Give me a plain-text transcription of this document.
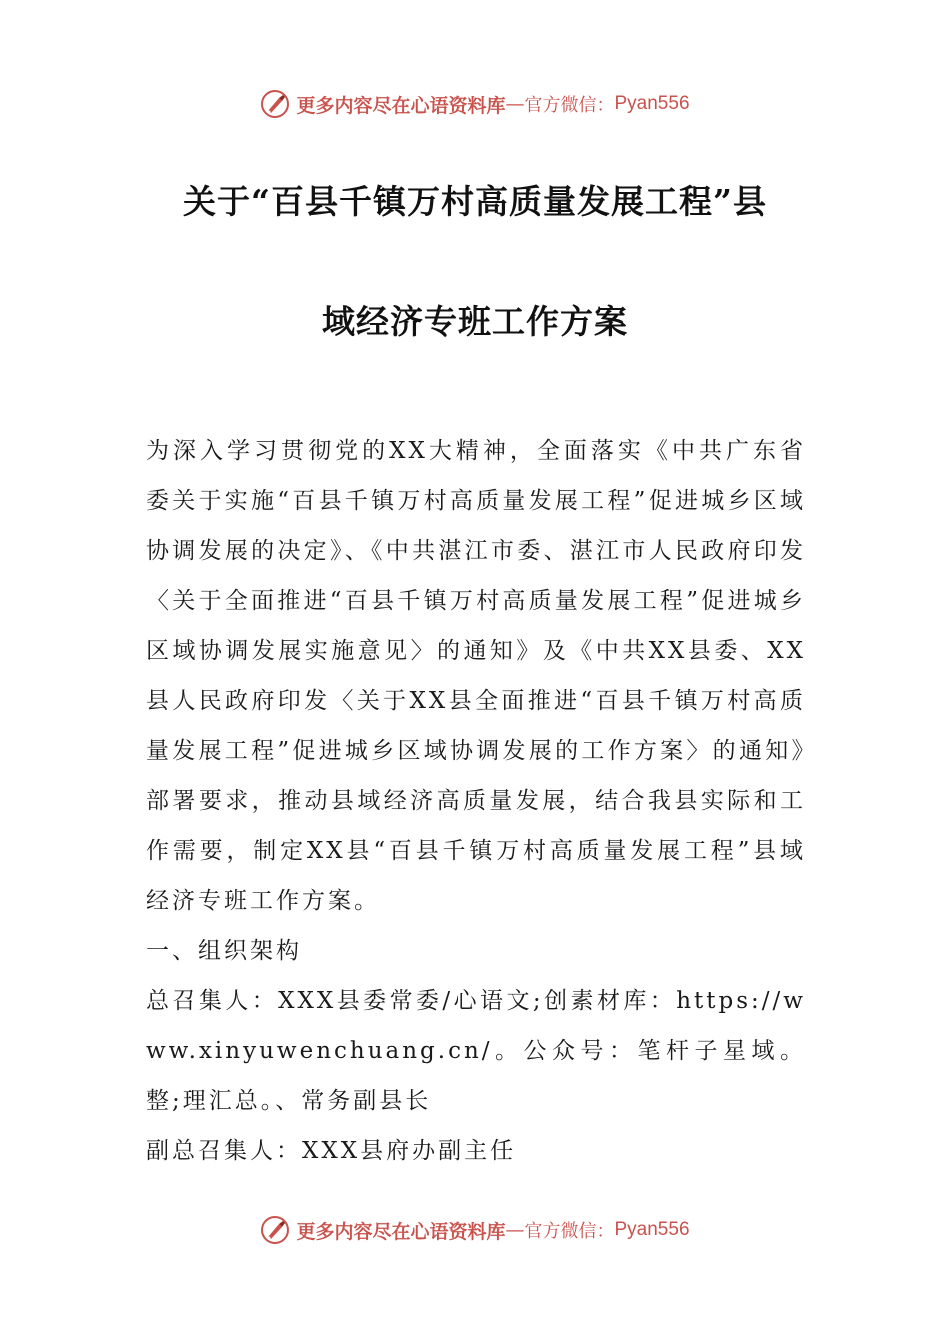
更多内容尽在心语资料库 — 官方微信： Pyan556
关于“百县千镇万村高质量发展工程”县
域经济专班工作方案

为深入学习贯彻党的XX大精神，全面落实《中共广东省委关于实施“百县千镇万村高质量发展工程”促进城乡区域协调发展的决定》、《中共湛江市委、湛江市人民政府印发〈关于全面推进“百县千镇万村高质量发展工程”促进城乡区域协调发展实施意见〉的通知》及《中共XX县委、XX县人民政府印发〈关于XX县全面推进“百县千镇万村高质量发展工程”促进城乡区域协调发展的工作方案〉的通知》部署要求，推动县域经济高质量发展，结合我县实际和工作需要，制定XX县“百县千镇万村高质量发展工程”县域经济专班工作方案。

一、组织架构

总召集人：XXX县委常委/心语文;创素材库：https://www.xinyuwenchuang.cn/。公众号：笔杆子星域。整;理汇总。、常务副县长

副总召集人：XXX县府办副主任

更多内容尽在心语资料库 — 官方微信： Pyan556
